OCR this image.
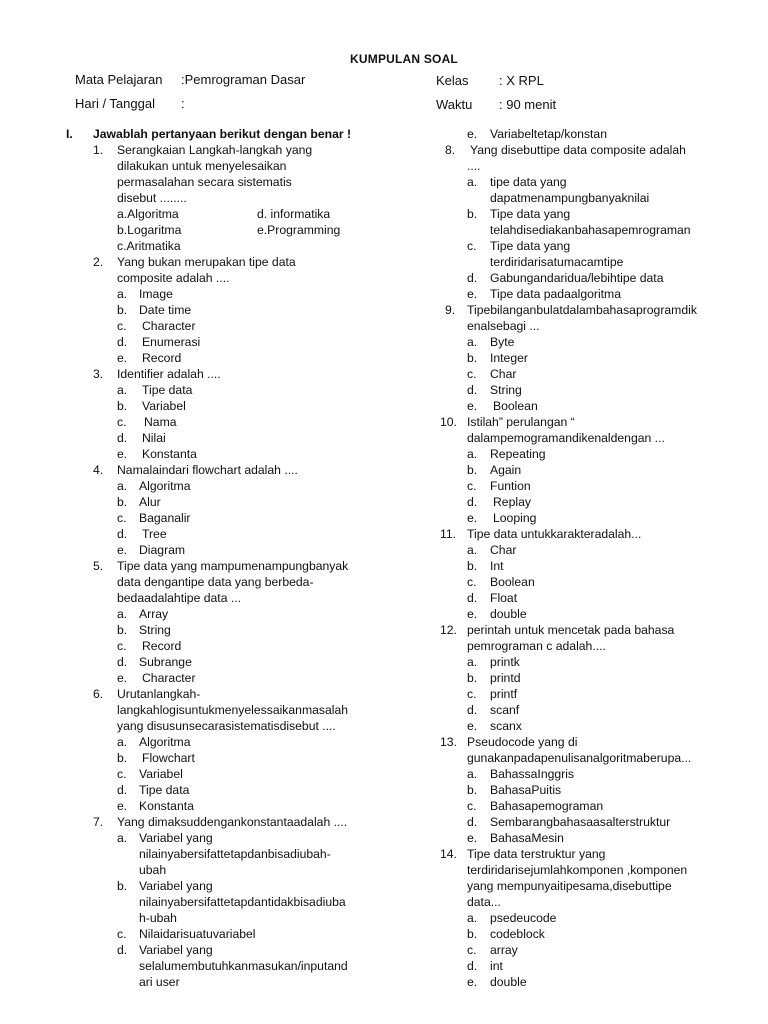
KUMPULAN SOAL
Mata Pelajaran :Pemrograman Dasar	Kelas : X RPL
Hari / Tanggal :	Waktu : 90 menit
I. Jawablah pertanyaan berikut dengan benar !
1. Serangkaian Langkah-langkah yang
dilakukan untuk menyelesaikan
permasalahan secara sistematis
disebut ........
a.Algoritma	d. informatika
b.Logaritma	e.Programming
c.Aritmatika
2. Yang bukan merupakan tipe data
composite adalah ....
a. Image
b. Date time
c. Character
d. Enumerasi
e. Record
3. Identifier adalah ....
a. Tipe data
b. Variabel
c. Nama
d. Nilai
e. Konstanta
4. Namalaindari flowchart adalah ....
a. Algoritma
b. Alur
c. Baganalir
d. Tree
e. Diagram
5. Tipe data yang mampumenampungbanyak
data dengantipe data yang berbeda-
bedaadalahtipe data ...
a. Array
b. String
c. Record
d. Subrange
e. Character
6. Urutanlangkah-
langkahlogisuntukmenyelessaikanmasalah
yang disusunsecarasistematisdisebut ....
a. Algoritma
b. Flowchart
c. Variabel
d. Tipe data
e. Konstanta
7. Yang dimaksuddengankonstantaadalah ....
a. Variabel yang
nilainyabersifattetapdanbisadiubah-
ubah
b. Variabel yang
nilainyabersifattetapdantidakbisadiuba
h-ubah
c. Nilaidarisuatuvariabel
d. Variabel yang
selalumembutuhkanmasukan/inputand
ari user
e. Variabeltetap/konstan
8. Yang disebuttipe data composite adalah
....
a. tipe data yang
dapatmenampungbanyaknilai
b. Tipe data yang
telahdisediakanbahasapemrograman
c. Tipe data yang
terdiridarisatumacamtipe
d. Gabungandaridua/lebihtipe data
e. Tipe data padaalgoritma
9. Tipebilanganbulatdalambahasaprogramdik
enalsebagi ...
a. Byte
b. Integer
c. Char
d. String
e. Boolean
10. Istilah” perulangan “
dalampemogramandikenaldengan ...
a. Repeating
b. Again
c. Funtion
d. Replay
e. Looping
11. Tipe data untukkarakteradalah...
a. Char
b. Int
c. Boolean
d. Float
e. double
12. perintah untuk mencetak pada bahasa
pemrograman c adalah....
a. printk
b. printd
c. printf
d. scanf
e. scanx
13. Pseudocode yang di
gunakanpadapenulisanalgoritmaberupa...
a. BahassaInggris
b. BahasaPuitis
c. Bahasapemograman
d. Sembarangbahasaasalterstruktur
e. BahasaMesin
14. Tipe data terstruktur yang
terdiridarisejumlahkomponen ,komponen
yang mempunyaitipesama,disebuttipe
data...
a. psedeucode
b. codeblock
c. array
d. int
e. double
